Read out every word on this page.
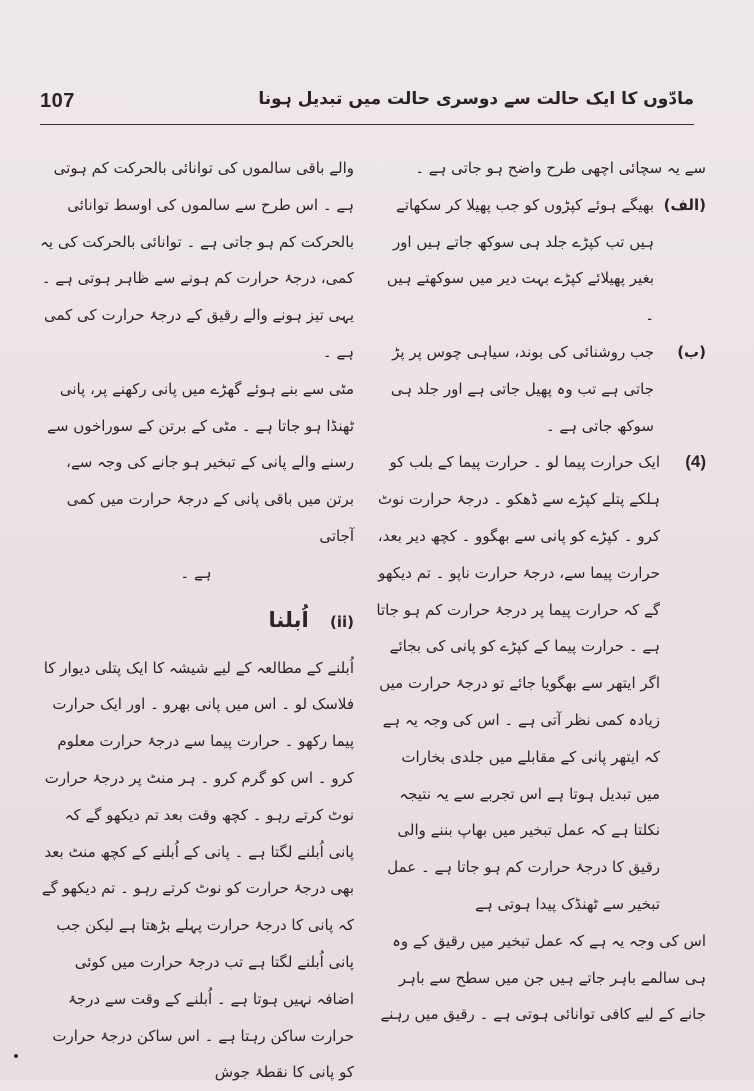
107	مادّوں کا ایک حالت سے دوسری حالت میں تبدیل ہونا

سے یہ سچائی اچھی طرح واضح ہو جاتی ہے ۔

(الف)

بھیگے ہوئے کپڑوں کو جب پھیلا کر سکھاتے ہیں تب کپڑے جلد ہی سوکھ جاتے ہیں اور بغیر پھیلائے کپڑے بہت دیر میں سوکھتے ہیں ۔

(ب)

جب روشنائی کی بوند، سیاہی چوس پر پڑ جاتی ہے تب وہ پھیل جاتی ہے اور جلد ہی سوکھ جاتی ہے ۔

(4)

ایک حرارت پیما لو ۔ حرارت پیما کے بلب کو ہلکے پتلے کپڑے سے ڈھکو ۔ درجۂ حرارت نوٹ کرو ۔ کپڑے کو پانی سے بھگوو ۔ کچھ دیر بعد، حرارت پیما سے، درجۂ حرارت ناپو ۔ تم دیکھو گے کہ حرارت پیما پر درجۂ حرارت کم ہو جاتا ہے ۔ حرارت پیما کے کپڑے کو پانی کی بجائے اگر ایتھر سے بھگویا جائے تو درجۂ حرارت میں زیادہ کمی نظر آتی ہے ۔ اس کی وجہ یہ ہے کہ ایتھر پانی کے مقابلے میں جلدی بخارات میں تبدیل ہوتا ہے اس تجربے سے یہ نتیجہ نکلتا ہے کہ عمل تبخیر میں بھاپ بننے والی رقیق کا درجۂ حرارت کم ہو جاتا ہے ۔ عمل تبخیر سے ٹھنڈک پیدا ہوتی ہے

اس کی وجہ یہ ہے کہ عمل تبخیر میں رقیق کے وہ ہی سالمے باہر جاتے ہیں جن میں سطح سے باہر جانے کے لیے کافی توانائی ہوتی ہے ۔ رقیق میں رہنے

والے باقی سالموں کی توانائی بالحرکت کم ہوتی ہے ۔ اس طرح سے سالموں کی اوسط توانائی بالحرکت کم ہو جاتی ہے ۔ توانائی بالحرکت کی یہ کمی، درجۂ حرارت کم ہونے سے ظاہر ہوتی ہے ۔ یہی تیز ہونے والے رقیق کے درجۂ حرارت کی کمی ہے ۔

مٹی سے بنے ہوئے گھڑے میں پانی رکھنے پر، پانی ٹھنڈا ہو جاتا ہے ۔ مٹی کے برتن کے سوراخوں سے رسنے والے پانی کے تبخیر ہو جانے کی وجہ سے، برتن میں باقی پانی کے درجۂ حرارت میں کمی آجاتی

ہے ۔

(ii) اُبلنا

اُبلنے کے مطالعہ کے لیے شیشہ کا ایک پتلی دیوار کا فلاسک لو ۔ اس میں پانی بھرو ۔ اور ایک حرارت پیما رکھو ۔ حرارت پیما سے درجۂ حرارت معلوم کرو ۔ اس کو گرم کرو ۔ ہر منٹ پر درجۂ حرارت نوٹ کرتے رہو ۔ کچھ وقت بعد تم دیکھو گے کہ پانی اُبلنے لگتا ہے ۔ پانی کے اُبلنے کے کچھ منٹ بعد بھی درجۂ حرارت کو نوٹ کرتے رہو ۔ تم دیکھو گے کہ پانی کا درجۂ حرارت پہلے بڑھتا ہے لیکن جب پانی اُبلنے لگتا ہے تب درجۂ حرارت میں کوئی اضافہ نہیں ہوتا ہے ۔ اُبلنے کے وقت سے درجۂ حرارت ساکن رہتا ہے ۔ اس ساکن درجۂ حرارت کو پانی کا نقطۂ جوش
